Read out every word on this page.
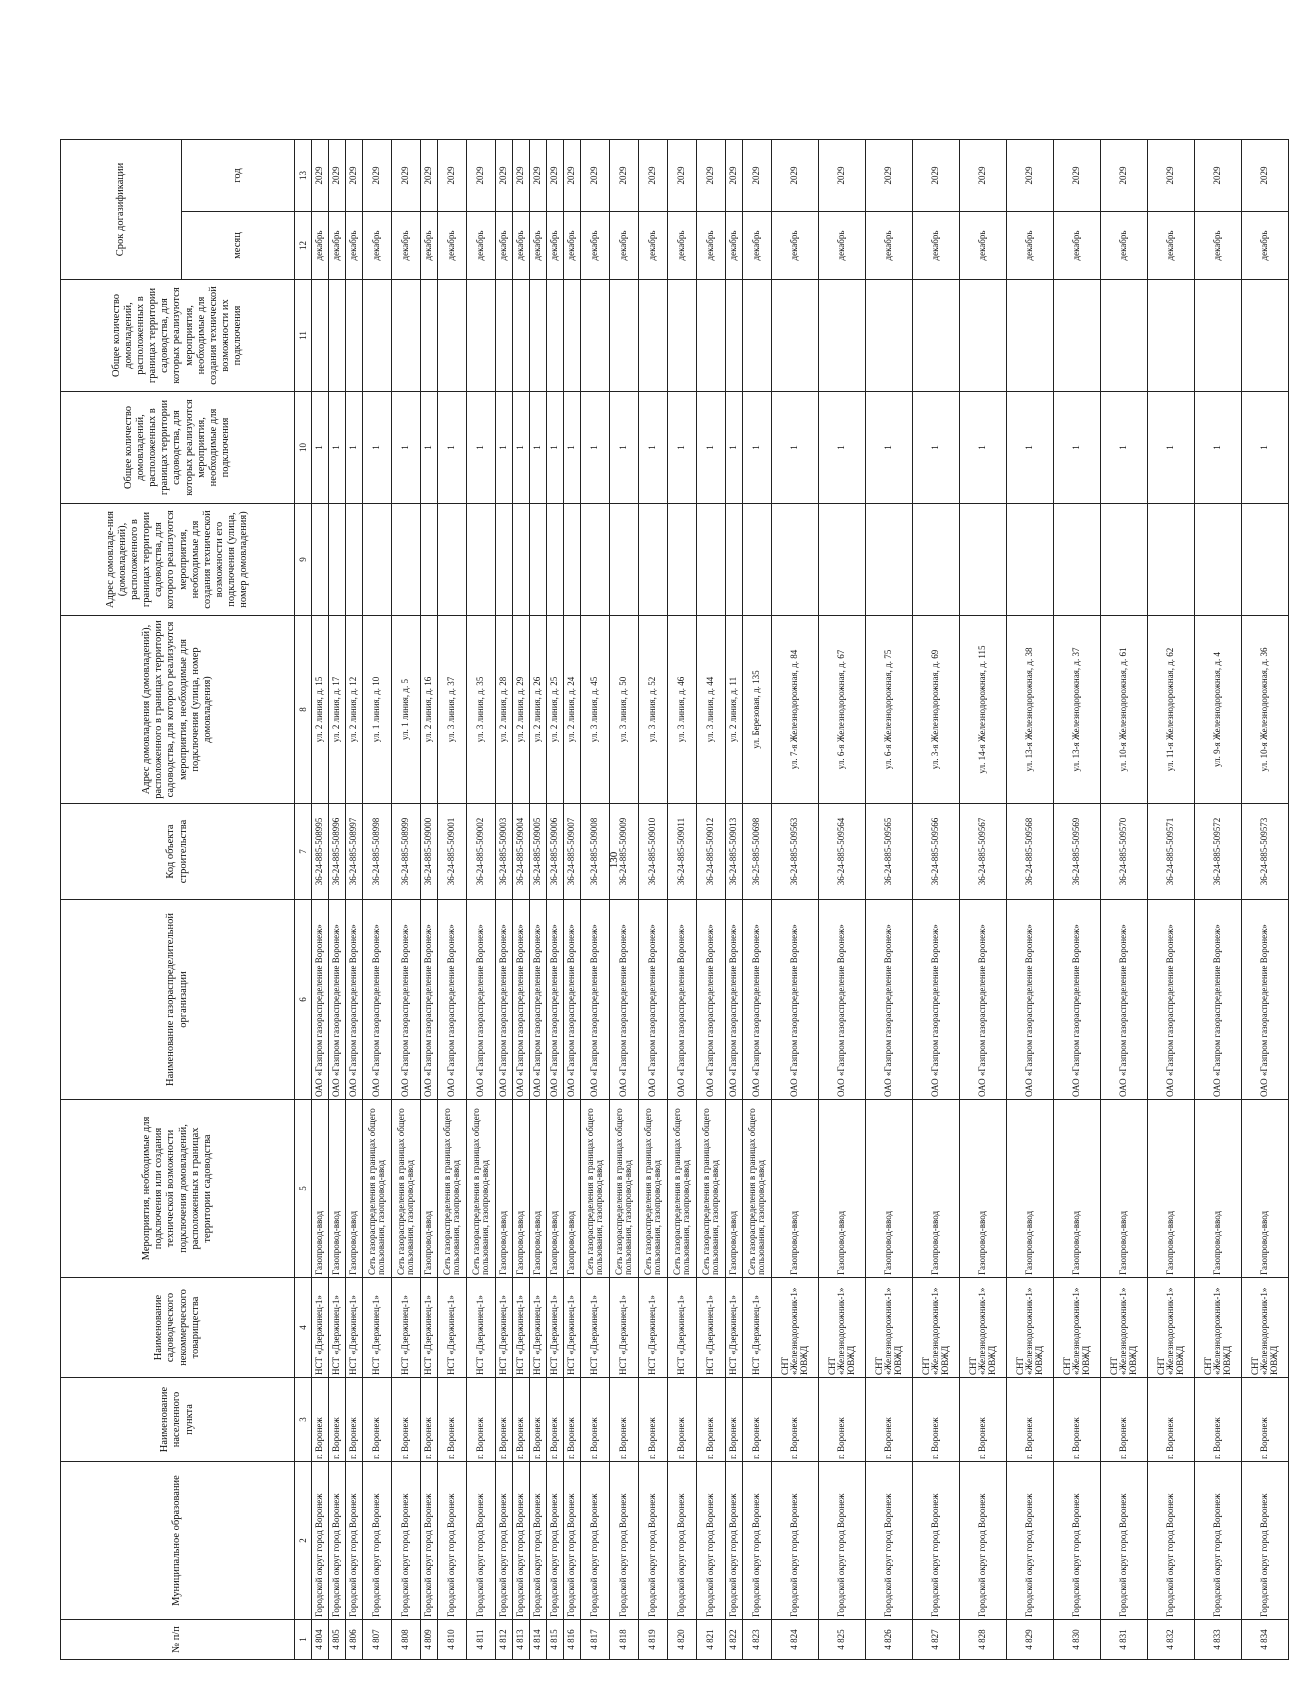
130
№ п/п	Муниципальное образование	Наименование населенного пункта	Наименование садоводческого некоммерческого товарищества	Мероприятия, необходимые для подключения или создания технической возможности подключения домовладений, расположенных в границах территории садоводства	Наименование газораспределительной организации	Код объекта строительства	Адрес домовладения (домовладений), расположенного в границах территории садоводства, для которого реализуются мероприятия, необходимые для подключения (улица, номер домовладения)	Адрес домовладе-ния (домовладений), расположенного в границах территории садоводства, для которого реализуются мероприятия, необходимые для создания технической возможности его подключения (улица, номер домовладения)	Общее количество домовладений, расположенных в границах территории садоводства, для которых реализуются мероприятия, необходимые для подключения	Общее количество домовладений, расположенных в границах территории садоводства, для которых реализуются мероприятия, необходимые для создания технической возможности их подключения	Срок догазификации	
											месяц	год
1	2	3	4	5	6	7	8	9	10	11	12	13
4 804	Городской округ город Воронеж	г. Воронеж	НСТ «Дзержинец-1»	Газопровод-ввод	ОАО «Газпром газораспределение Воронеж»	36-24-885-508995	ул. 2 линия, д. 15		1		декабрь	2029
4 805	Городской округ город Воронеж	г. Воронеж	НСТ «Дзержинец-1»	Газопровод-ввод	ОАО «Газпром газораспределение Воронеж»	36-24-885-508996	ул. 2 линия, д. 17		1		декабрь	2029
4 806	Городской округ город Воронеж	г. Воронеж	НСТ «Дзержинец-1»	Газопровод-ввод	ОАО «Газпром газораспределение Воронеж»	36-24-885-508997	ул. 2 линия, д. 12		1		декабрь	2029
4 807	Городской округ город Воронеж	г. Воронеж	НСТ «Дзержинец-1»	Сеть газораспределения в границах общего пользования, газопровод-ввод	ОАО «Газпром газораспределение Воронеж»	36-24-885-508998	ул. 1 линия, д. 10		1		декабрь	2029
4 808	Городской округ город Воронеж	г. Воронеж	НСТ «Дзержинец-1»	Сеть газораспределения в границах общего пользования, газопровод-ввод	ОАО «Газпром газораспределение Воронеж»	36-24-885-508999	ул. 1 линия, д. 5		1		декабрь	2029
4 809	Городской округ город Воронеж	г. Воронеж	НСТ «Дзержинец-1»	Газопровод-ввод	ОАО «Газпром газораспределение Воронеж»	36-24-885-509000	ул. 2 линия, д. 16		1		декабрь	2029
4 810	Городской округ город Воронеж	г. Воронеж	НСТ «Дзержинец-1»	Сеть газораспределения в границах общего пользования, газопровод-ввод	ОАО «Газпром газораспределение Воронеж»	36-24-885-509001	ул. 3 линия, д. 37		1		декабрь	2029
4 811	Городской округ город Воронеж	г. Воронеж	НСТ «Дзержинец-1»	Сеть газораспределения в границах общего пользования, газопровод-ввод	ОАО «Газпром газораспределение Воронеж»	36-24-885-509002	ул. 3 линия, д. 35		1		декабрь	2029
4 812	Городской округ город Воронеж	г. Воронеж	НСТ «Дзержинец-1»	Газопровод-ввод	ОАО «Газпром газораспределение Воронеж»	36-24-885-509003	ул. 2 линия, д. 28		1		декабрь	2029
4 813	Городской округ город Воронеж	г. Воронеж	НСТ «Дзержинец-1»	Газопровод-ввод	ОАО «Газпром газораспределение Воронеж»	36-24-885-509004	ул. 2 линия, д. 29		1		декабрь	2029
4 814	Городской округ город Воронеж	г. Воронеж	НСТ «Дзержинец-1»	Газопровод-ввод	ОАО «Газпром газораспределение Воронеж»	36-24-885-509005	ул. 2 линия, д. 26		1		декабрь	2029
4 815	Городской округ город Воронеж	г. Воронеж	НСТ «Дзержинец-1»	Газопровод-ввод	ОАО «Газпром газораспределение Воронеж»	36-24-885-509006	ул. 2 линия, д. 25		1		декабрь	2029
4 816	Городской округ город Воронеж	г. Воронеж	НСТ «Дзержинец-1»	Газопровод-ввод	ОАО «Газпром газораспределение Воронеж»	36-24-885-509007	ул. 2 линия, д. 24		1		декабрь	2029
4 817	Городской округ город Воронеж	г. Воронеж	НСТ «Дзержинец-1»	Сеть газораспределения в границах общего пользования, газопровод-ввод	ОАО «Газпром газораспределение Воронеж»	36-24-885-509008	ул. 3 линия, д. 45		1		декабрь	2029
4 818	Городской округ город Воронеж	г. Воронеж	НСТ «Дзержинец-1»	Сеть газораспределения в границах общего пользования, газопровод-ввод	ОАО «Газпром газораспределение Воронеж»	36-24-885-509009	ул. 3 линия, д. 50		1		декабрь	2029
4 819	Городской округ город Воронеж	г. Воронеж	НСТ «Дзержинец-1»	Сеть газораспределения в границах общего пользования, газопровод-ввод	ОАО «Газпром газораспределение Воронеж»	36-24-885-509010	ул. 3 линия, д. 52		1		декабрь	2029
4 820	Городской округ город Воронеж	г. Воронеж	НСТ «Дзержинец-1»	Сеть газораспределения в границах общего пользования, газопровод-ввод	ОАО «Газпром газораспределение Воронеж»	36-24-885-509011	ул. 3 линия, д. 46		1		декабрь	2029
4 821	Городской округ город Воронеж	г. Воронеж	НСТ «Дзержинец-1»	Сеть газораспределения в границах общего пользования, газопровод-ввод	ОАО «Газпром газораспределение Воронеж»	36-24-885-509012	ул. 3 линия, д. 44		1		декабрь	2029
4 822	Городской округ город Воронеж	г. Воронеж	НСТ «Дзержинец-1»	Газопровод-ввод	ОАО «Газпром газораспределение Воронеж»	36-24-885-509013	ул. 2 линия, д. 11		1		декабрь	2029
4 823	Городской округ город Воронеж	г. Воронеж	НСТ «Дзержинец-1»	Сеть газораспределения в границах общего пользования, газопровод-ввод	ОАО «Газпром газораспределение Воронеж»	36-25-885-500698	ул. Березовая, д. 135		1		декабрь	2029
4 824	Городской округ город Воронеж	г. Воронеж	СНТ «Железнодорожник-1» ЮВЖД	Газопровод-ввод	ОАО «Газпром газораспределение Воронеж»	36-24-885-509563	ул. 7-я Железнодорожная, д. 84		1		декабрь	2029
4 825	Городской округ город Воронеж	г. Воронеж	СНТ «Железнодорожник-1» ЮВЖД	Газопровод-ввод	ОАО «Газпром газораспределение Воронеж»	36-24-885-509564	ул. 6-я Железнодорожная, д. 67		1		декабрь	2029
4 826	Городской округ город Воронеж	г. Воронеж	СНТ «Железнодорожник-1» ЮВЖД	Газопровод-ввод	ОАО «Газпром газораспределение Воронеж»	36-24-885-509565	ул. 6-я Железнодорожная, д. 75		1		декабрь	2029
4 827	Городской округ город Воронеж	г. Воронеж	СНТ «Железнодорожник-1» ЮВЖД	Газопровод-ввод	ОАО «Газпром газораспределение Воронеж»	36-24-885-509566	ул. 3-я Железнодорожная, д. 69		1		декабрь	2029
4 828	Городской округ город Воронеж	г. Воронеж	СНТ «Железнодорожник-1» ЮВЖД	Газопровод-ввод	ОАО «Газпром газораспределение Воронеж»	36-24-885-509567	ул. 14-я Железнодорожная, д. 115		1		декабрь	2029
4 829	Городской округ город Воронеж	г. Воронеж	СНТ «Железнодорожник-1» ЮВЖД	Газопровод-ввод	ОАО «Газпром газораспределение Воронеж»	36-24-885-509568	ул. 13-я Железнодорожная, д. 38		1		декабрь	2029
4 830	Городской округ город Воронеж	г. Воронеж	СНТ «Железнодорожник-1» ЮВЖД	Газопровод-ввод	ОАО «Газпром газораспределение Воронеж»	36-24-885-509569	ул. 13-я Железнодорожная, д. 37		1		декабрь	2029
4 831	Городской округ город Воронеж	г. Воронеж	СНТ «Железнодорожник-1» ЮВЖД	Газопровод-ввод	ОАО «Газпром газораспределение Воронеж»	36-24-885-509570	ул. 10-я Железнодорожная, д. 61		1		декабрь	2029
4 832	Городской округ город Воронеж	г. Воронеж	СНТ «Железнодорожник-1» ЮВЖД	Газопровод-ввод	ОАО «Газпром газораспределение Воронеж»	36-24-885-509571	ул. 11-я Железнодорожная, д. 62		1		декабрь	2029
4 833	Городской округ город Воронеж	г. Воронеж	СНТ «Железнодорожник-1» ЮВЖД	Газопровод-ввод	ОАО «Газпром газораспределение Воронеж»	36-24-885-509572	ул. 9-я Железнодорожная, д. 4		1		декабрь	2029
4 834	Городской округ город Воронеж	г. Воронеж	СНТ «Железнодорожник-1» ЮВЖД	Газопровод-ввод	ОАО «Газпром газораспределение Воронеж»	36-24-885-509573	ул. 10-я Железнодорожная, д. 36		1		декабрь	2029
